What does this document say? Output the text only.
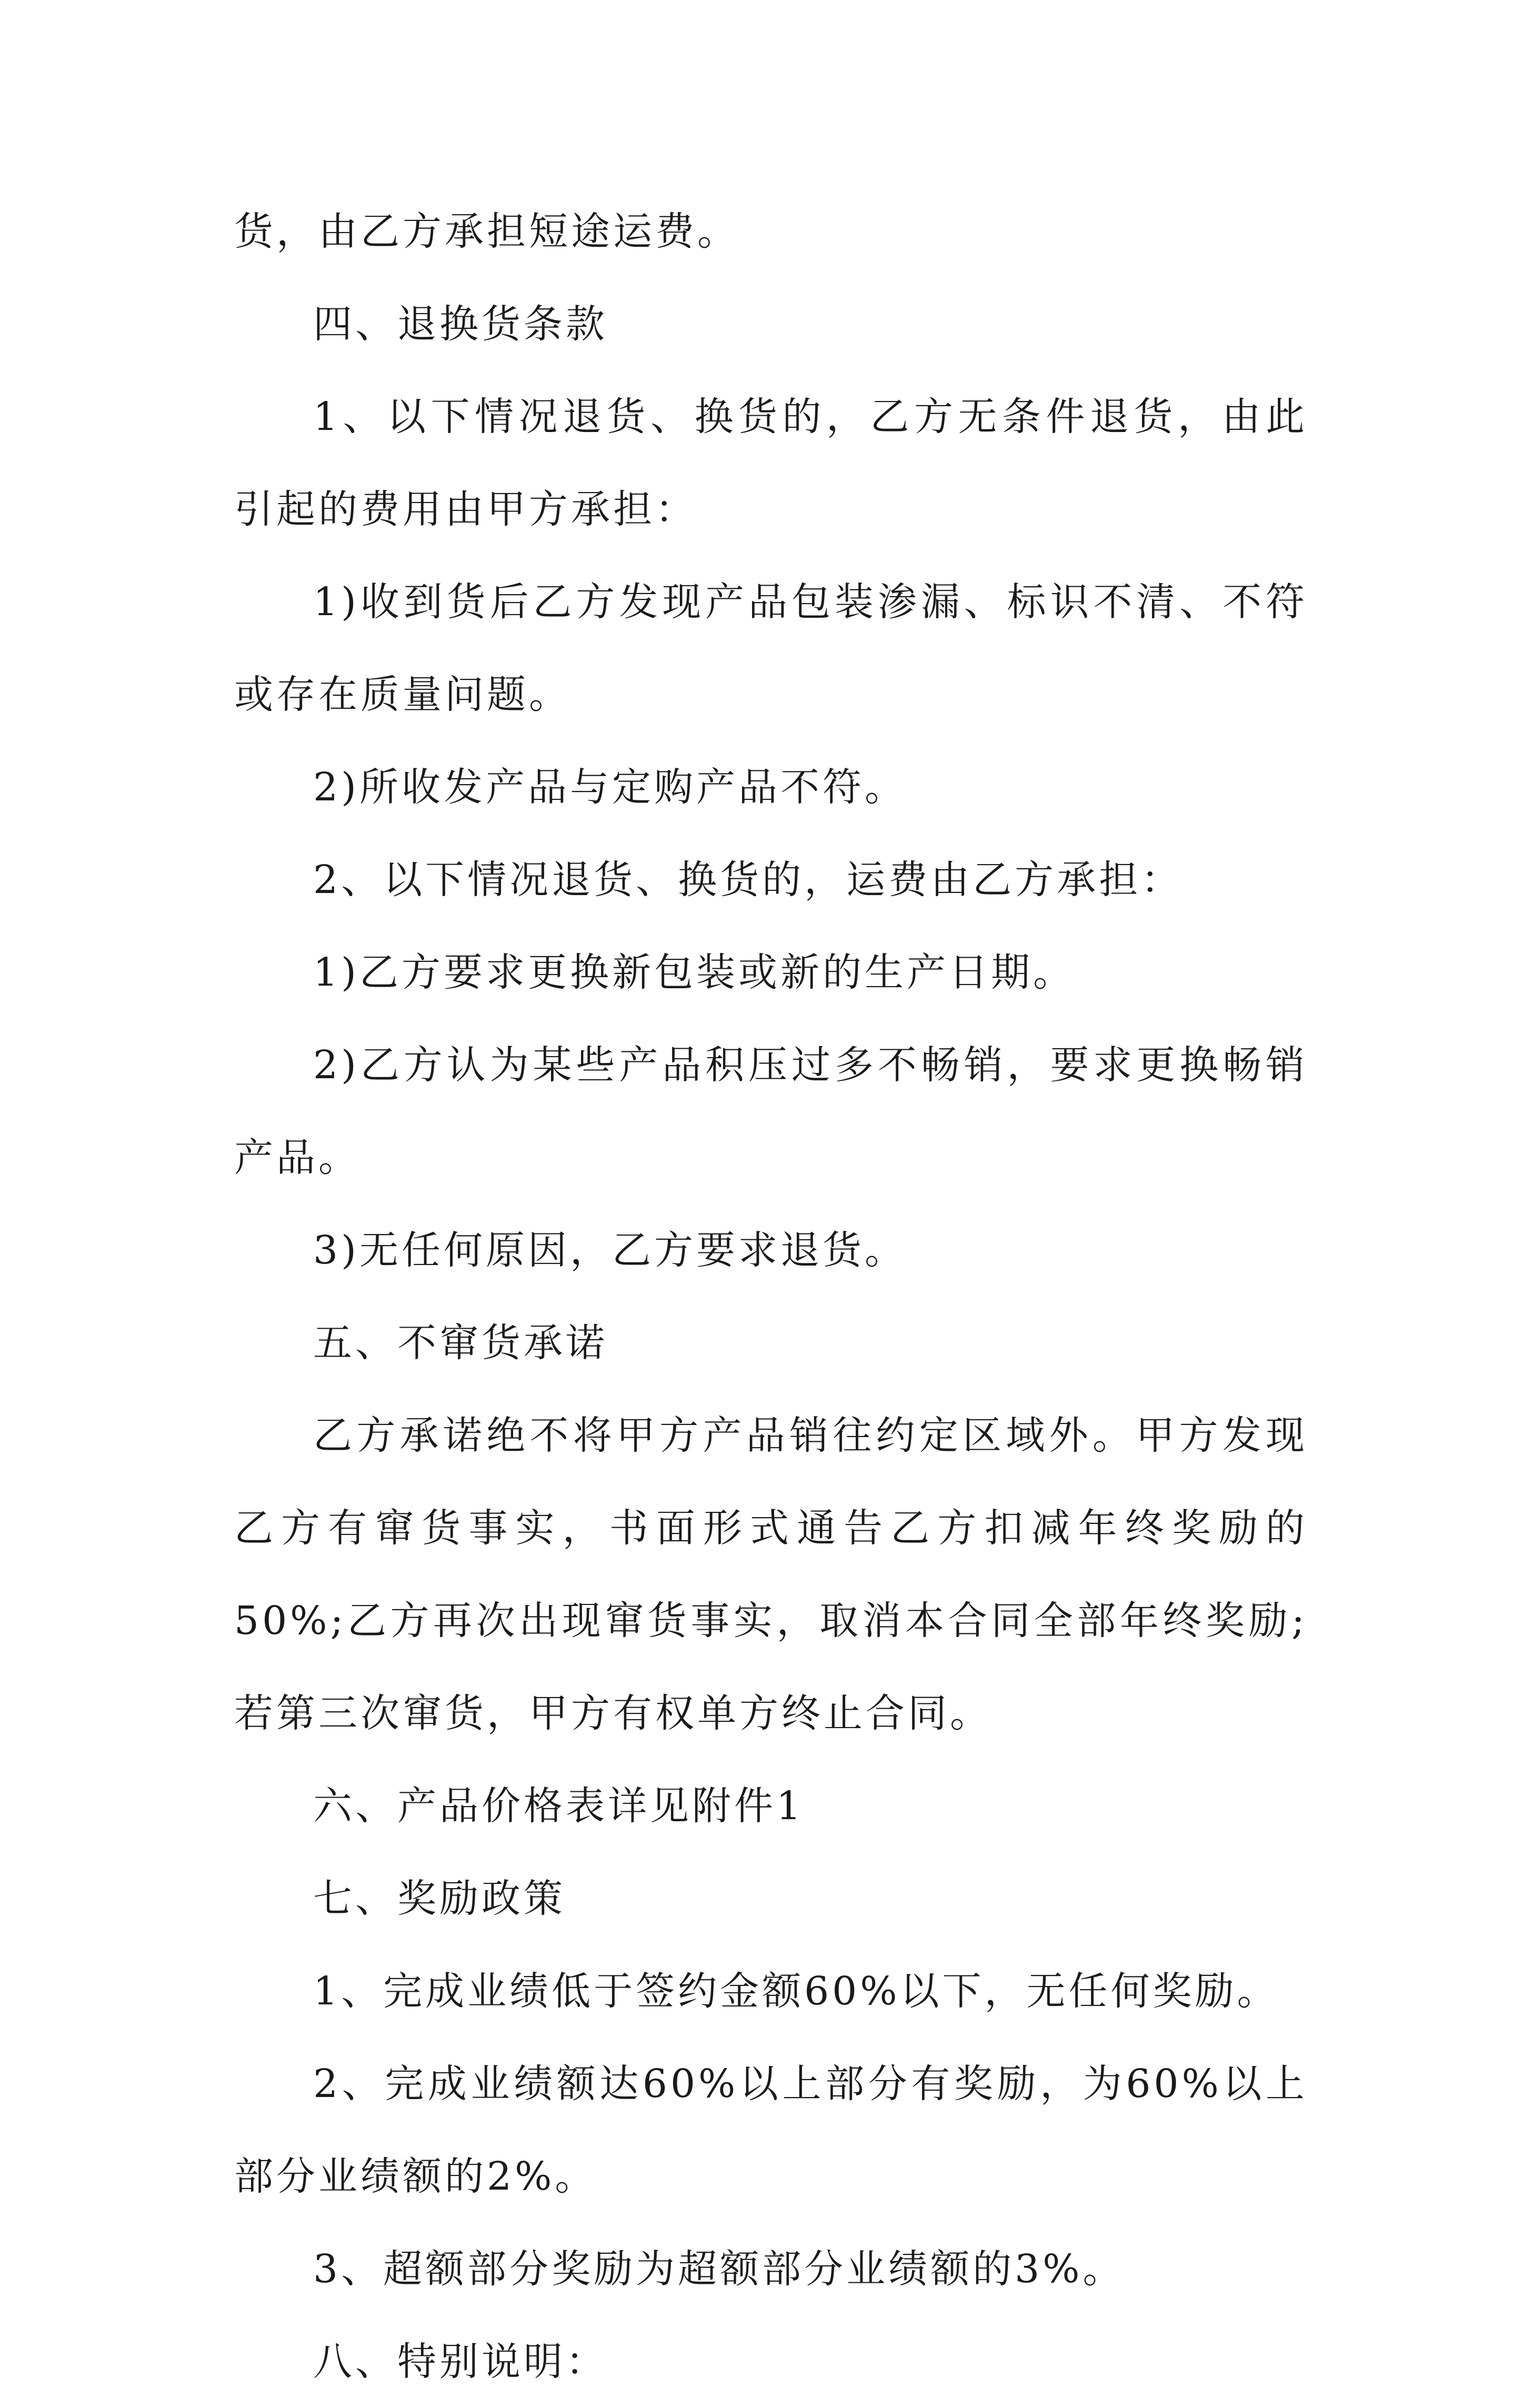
货，由乙方承担短途运费。

四、退换货条款

1、以下情况退货、换货的，乙方无条件退货，由此引起的费用由甲方承担：

1)收到货后乙方发现产品包装渗漏、标识不清、不符或存在质量问题。

2)所收发产品与定购产品不符。

2、以下情况退货、换货的，运费由乙方承担：

1)乙方要求更换新包装或新的生产日期。

2)乙方认为某些产品积压过多不畅销，要求更换畅销产品。

3)无任何原因，乙方要求退货。

五、不窜货承诺

乙方承诺绝不将甲方产品销往约定区域外。甲方发现乙方有窜货事实，书面形式通告乙方扣减年终奖励的50%;乙方再次出现窜货事实，取消本合同全部年终奖励;若第三次窜货，甲方有权单方终止合同。

六、产品价格表详见附件1

七、奖励政策

1、完成业绩低于签约金额60%以下，无任何奖励。

2、完成业绩额达60%以上部分有奖励，为60%以上部分业绩额的2%。

3、超额部分奖励为超额部分业绩额的3%。

八、特别说明：
